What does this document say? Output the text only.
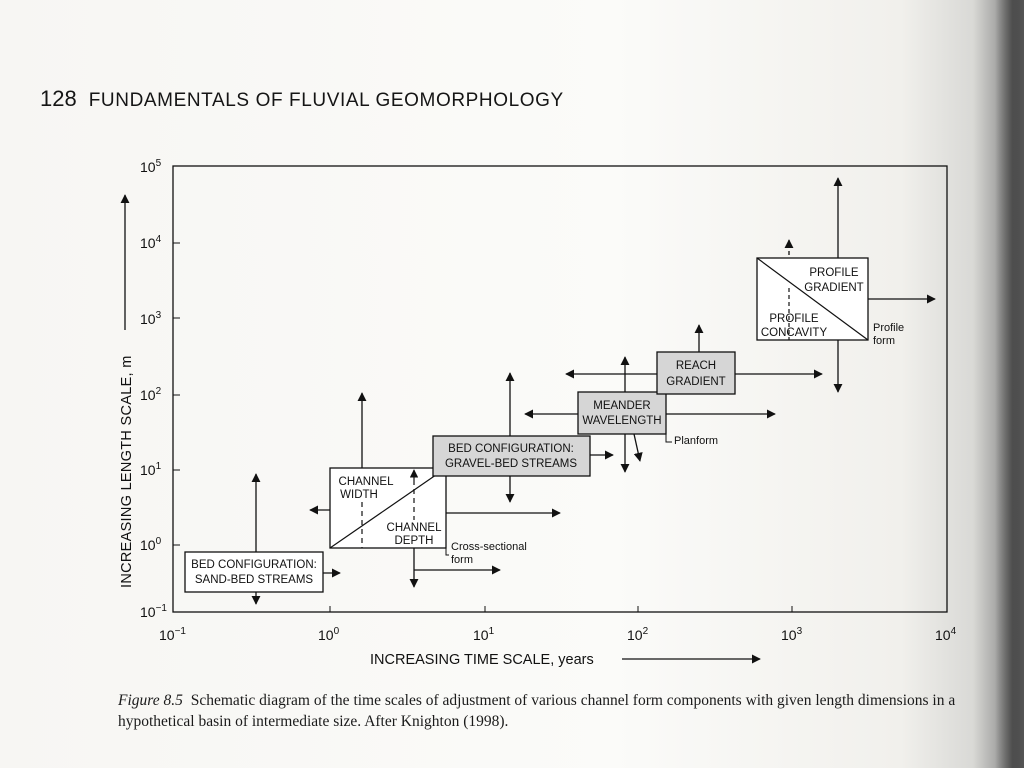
128 FUNDAMENTALS OF FLUVIAL GEOMORPHOLOGY
$10^{-1}$	$10^0$	$10^1$	$10^2$	$10^3$	$10^4$
$10^5$
$10^4$
$10^3$
$10^2$
$10^1$
$10^0$
$10^{-1}$
INCREASING LENGTH SCALE, m
INCREASING TIME SCALE, years
BED CONFIGURATION:
SAND-BED STREAMS
CHANNEL
WIDTH
CHANNEL
DEPTH
BED CONFIGURATION:
GRAVEL-BED STREAMS
MEANDER
WAVELENGTH
REACH
GRADIENT
PROFILE
GRADIENT
PROFILE
CONCAVITY
Cross-sectional
form
Planform
Profile
form
Figure 8.5 Schematic diagram of the time scales of adjustment of various channel form components with given length dimensions in a hypothetical basin of intermediate size. After Knighton (1998).
